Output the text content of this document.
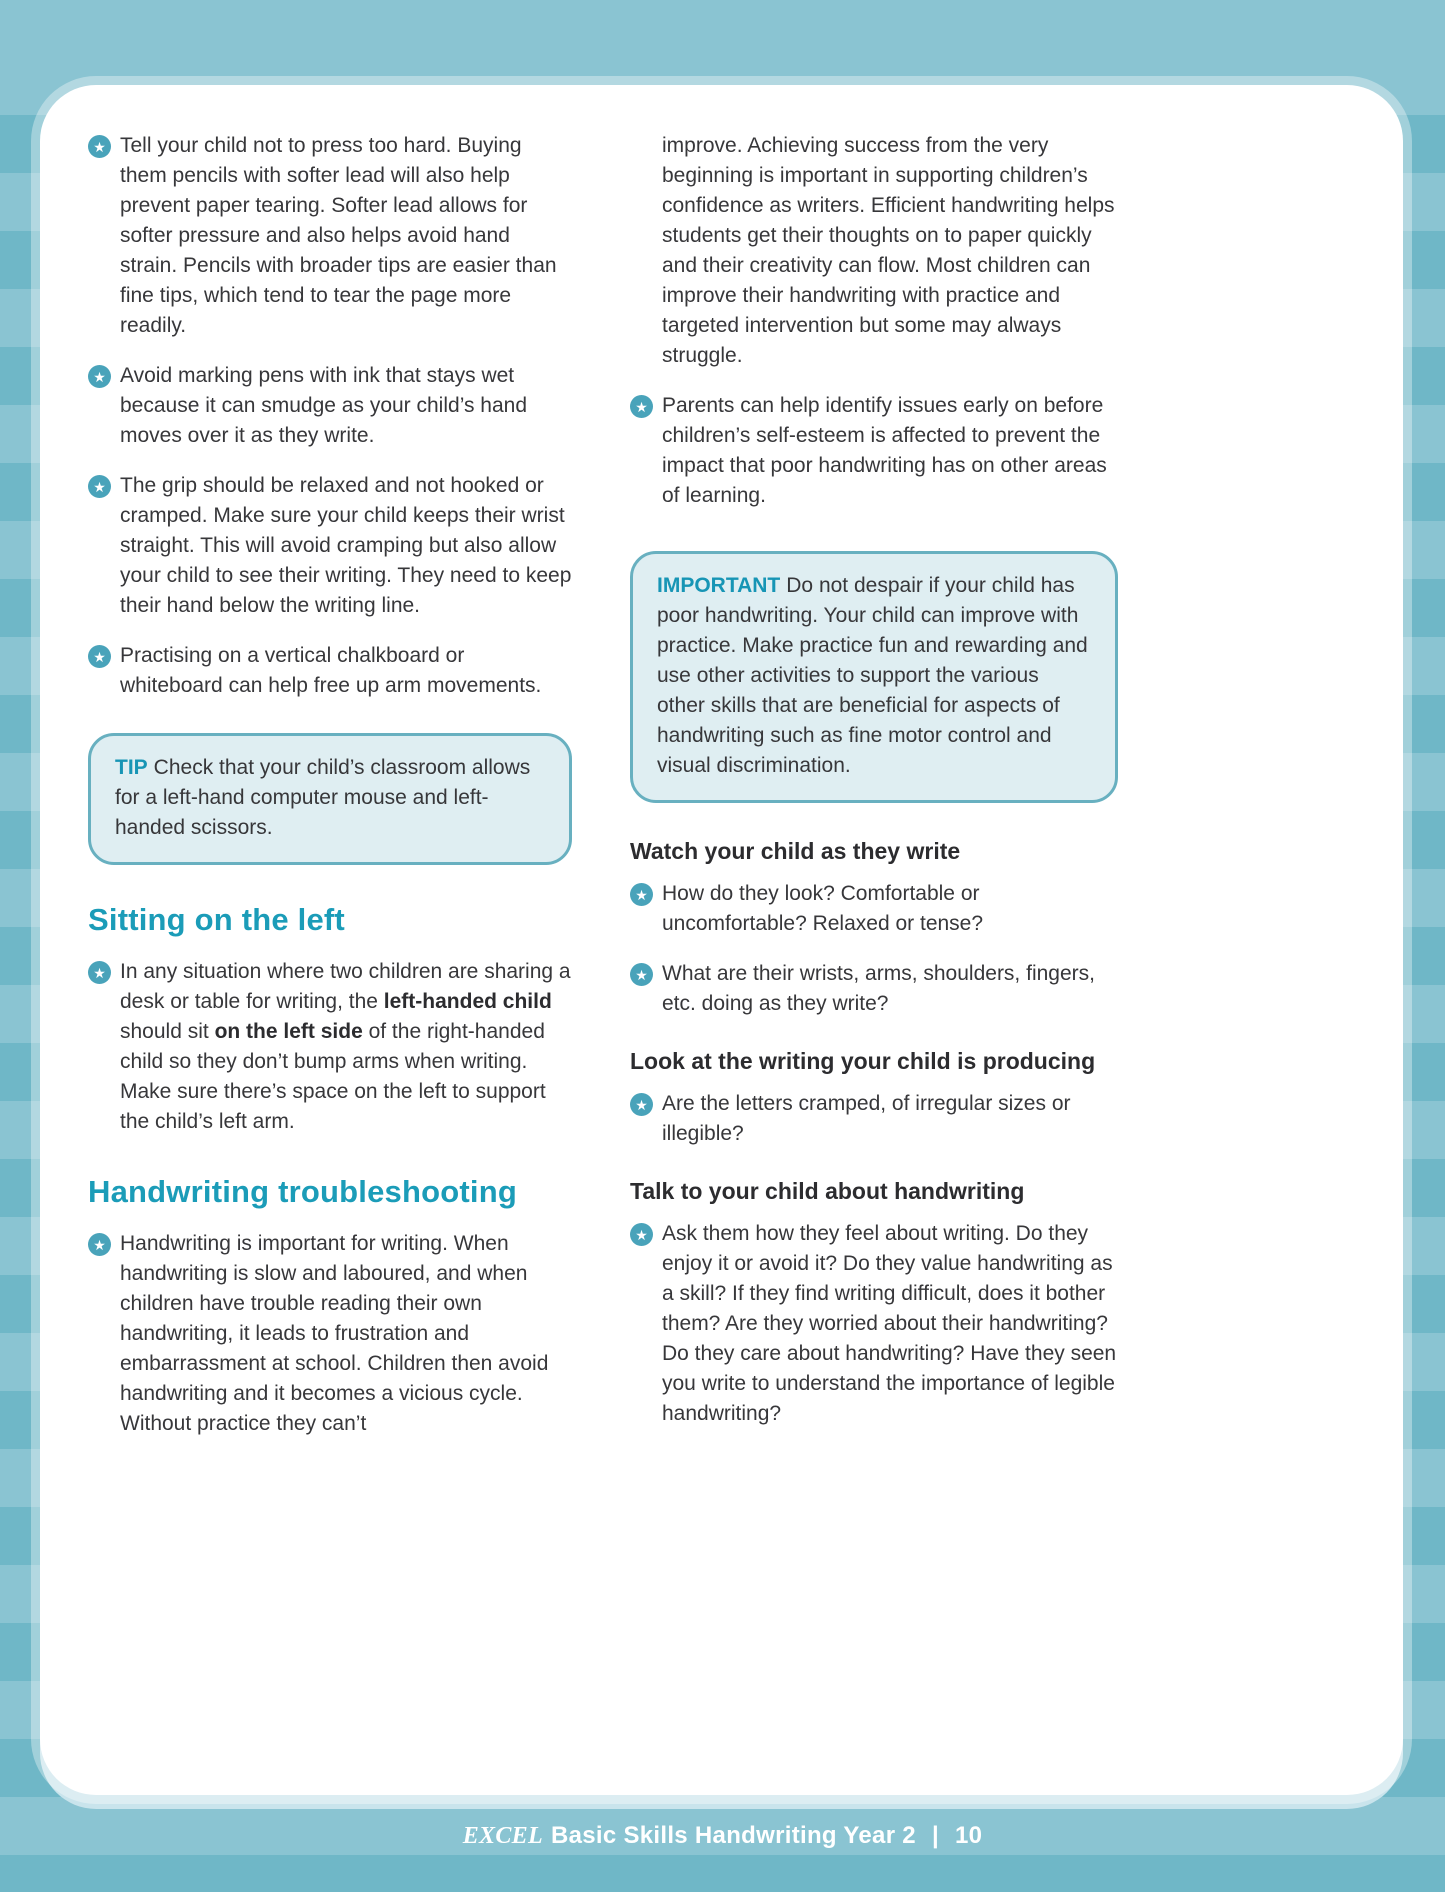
★ Tell your child not to press too hard. Buying them pencils with softer lead will also help prevent paper tearing. Softer lead allows for softer pressure and also helps avoid hand strain. Pencils with broader tips are easier than fine tips, which tend to tear the page more readily.
★ Avoid marking pens with ink that stays wet because it can smudge as your child’s hand moves over it as they write.
★ The grip should be relaxed and not hooked or cramped. Make sure your child keeps their wrist straight. This will avoid cramping but also allow your child to see their writing. They need to keep their hand below the writing line.
★ Practising on a vertical chalkboard or whiteboard can help free up arm movements.
TIP Check that your child’s classroom allows for a left-hand computer mouse and left-handed scissors.
Sitting on the left
★ In any situation where two children are sharing a desk or table for writing, the left-handed child should sit on the left side of the right-handed child so they don’t bump arms when writing. Make sure there’s space on the left to support the child’s left arm.
Handwriting troubleshooting
★ Handwriting is important for writing. When handwriting is slow and laboured, and when children have trouble reading their own handwriting, it leads to frustration and embarrassment at school. Children then avoid handwriting and it becomes a vicious cycle. Without practice they can’t

improve. Achieving success from the very beginning is important in supporting children’s confidence as writers. Efficient handwriting helps students get their thoughts on to paper quickly and their creativity can flow. Most children can improve their handwriting with practice and targeted intervention but some may always struggle.

★ Parents can help identify issues early on before children’s self-esteem is affected to prevent the impact that poor handwriting has on other areas of learning.
IMPORTANT Do not despair if your child has poor handwriting. Your child can improve with practice. Make practice fun and rewarding and use other activities to support the various other skills that are beneficial for aspects of handwriting such as fine motor control and visual discrimination.
Watch your child as they write
★ How do they look? Comfortable or uncomfortable? Relaxed or tense?
★ What are their wrists, arms, shoulders, fingers, etc. doing as they write?
Look at the writing your child is producing
★ Are the letters cramped, of irregular sizes or illegible?
Talk to your child about handwriting
★ Ask them how they feel about writing. Do they enjoy it or avoid it? Do they value handwriting as a skill? If they find writing difficult, does it bother them? Are they worried about their handwriting? Do they care about handwriting? Have they seen you write to understand the importance of legible handwriting?
EXCEL Basic Skills Handwriting Year 2 | 10
